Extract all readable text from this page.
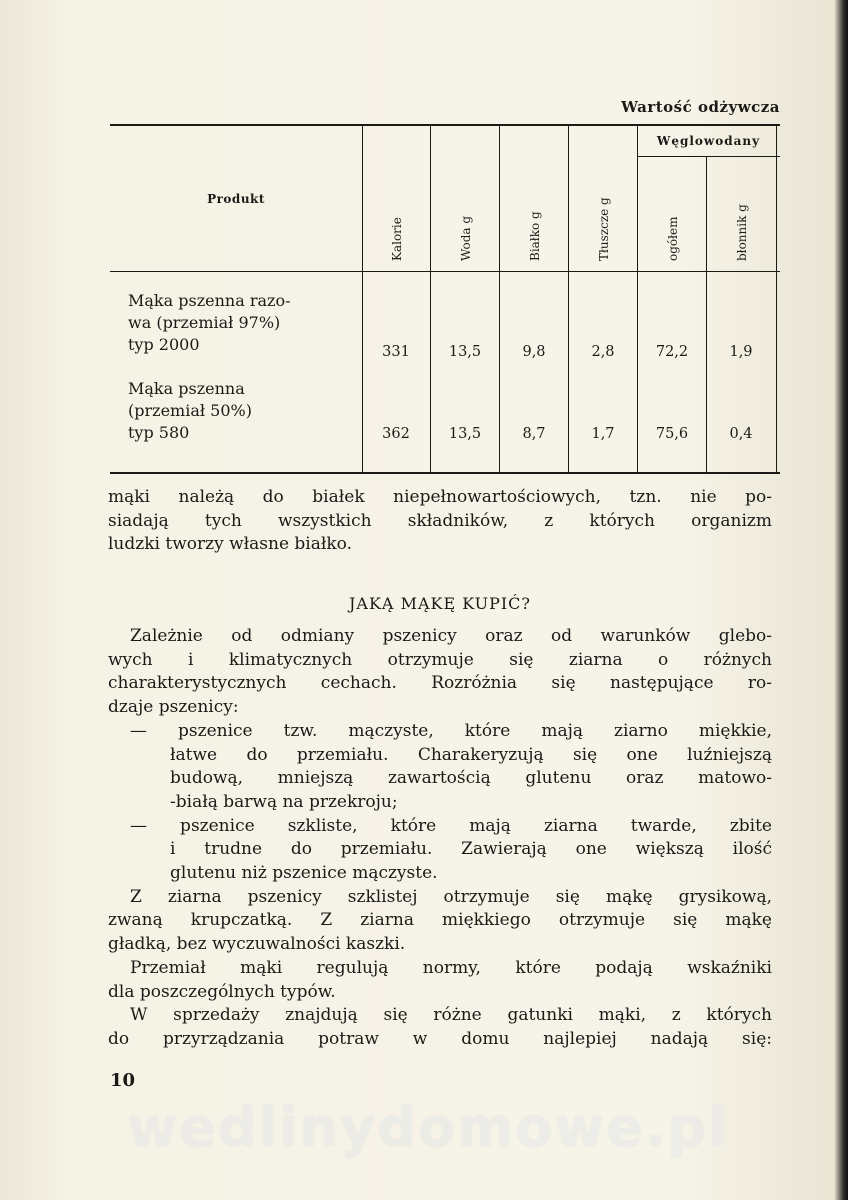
Wartość odżywcza
Produkt
Węglowodany
Kalorie	Woda g	Białko g	Tłuszcze g	ogółem	błonnik g
Mąka pszenna razo-
wa (przemiał 97%)
typ 2000	331	13,5	9,8	2,8	72,2	1,9
Mąka pszenna
(przemiał 50%)
typ 580	362	13,5	8,7	1,7	75,6	0,4
mąki należą do białek niepełnowartościowych, tzn. nie po-
siadają tych wszystkich składników, z których organizm
ludzki tworzy własne białko.
JAKĄ MĄKĘ KUPIĆ?
Zależnie od odmiany pszenicy oraz od warunków glebo-
wych i klimatycznych otrzymuje się ziarna o różnych
charakterystycznych cechach. Rozróżnia się następujące ro-
dzaje pszenicy:
— pszenice tzw. mączyste, które mają ziarno miękkie,
łatwe do przemiału. Charakeryzują się one luźniejszą
budową, mniejszą zawartością glutenu oraz matowo-
-białą barwą na przekroju;
— pszenice szkliste, które mają ziarna twarde, zbite
i trudne do przemiału. Zawierają one większą ilość
glutenu niż pszenice mączyste.
Z ziarna pszenicy szklistej otrzymuje się mąkę grysikową,
zwaną krupczatką. Z ziarna miękkiego otrzymuje się mąkę
gładką, bez wyczuwalności kaszki.
Przemiał mąki regulują normy, które podają wskaźniki
dla poszczególnych typów.
W sprzedaży znajdują się różne gatunki mąki, z których
do przyrządzania potraw w domu najlepiej nadają się:
10
wedlinydomowe.pl
